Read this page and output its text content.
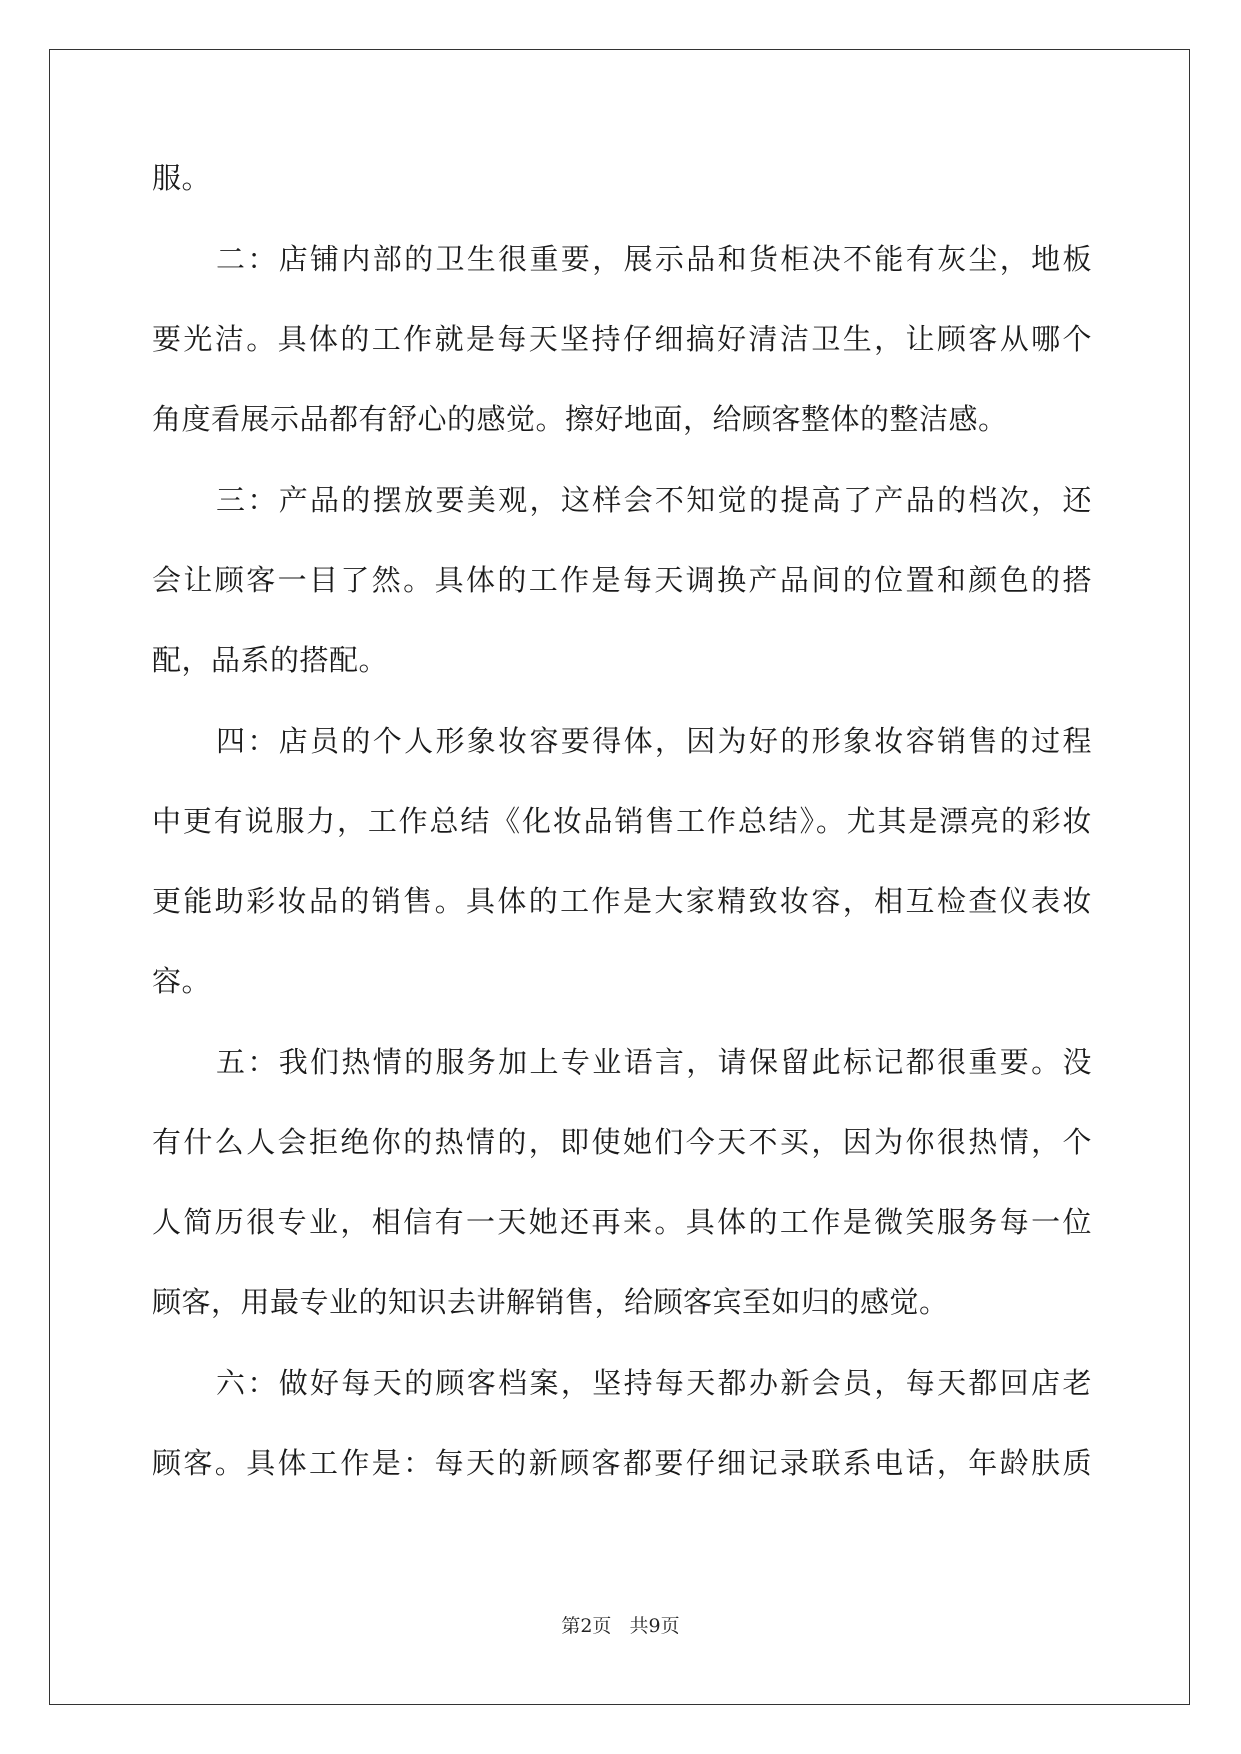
服。
二：店铺内部的卫生很重要，展示品和货柜决不能有灰尘，地板
要光洁。具体的工作就是每天坚持仔细搞好清洁卫生，让顾客从哪个
角度看展示品都有舒心的感觉。擦好地面，给顾客整体的整洁感。
三：产品的摆放要美观，这样会不知觉的提高了产品的档次，还
会让顾客一目了然。具体的工作是每天调换产品间的位置和颜色的搭
配，品系的搭配。
四：店员的个人形象妆容要得体，因为好的形象妆容销售的过程
中更有说服力，工作总结《化妆品销售工作总结》。尤其是漂亮的彩妆
更能助彩妆品的销售。具体的工作是大家精致妆容，相互检查仪表妆
容。
五：我们热情的服务加上专业语言，请保留此标记都很重要。没
有什么人会拒绝你的热情的，即使她们今天不买，因为你很热情，个
人简历很专业，相信有一天她还再来。具体的工作是微笑服务每一位
顾客，用最专业的知识去讲解销售，给顾客宾至如归的感觉。
六：做好每天的顾客档案，坚持每天都办新会员，每天都回店老
顾客。具体工作是：每天的新顾客都要仔细记录联系电话，年龄肤质
第2页   共9页
